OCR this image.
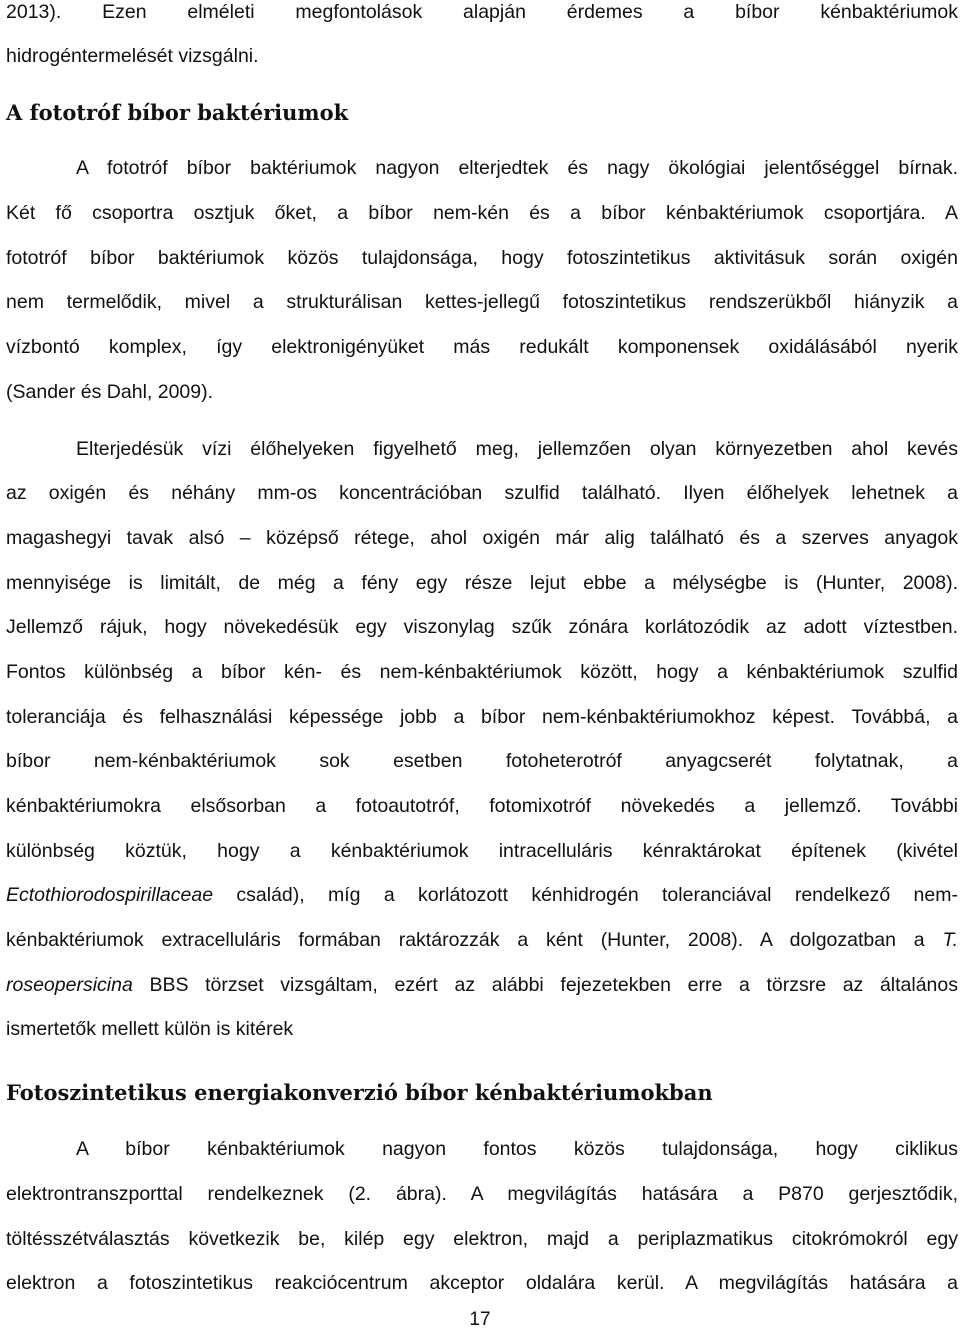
2013). Ezen elméleti megfontolások alapján érdemes a bíbor kénbaktériumok
hidrogéntermelését vizsgálni.
A fototróf bíbor baktériumok
A fototróf bíbor baktériumok nagyon elterjedtek és nagy ökológiai jelentőséggel bírnak.
Két fő csoportra osztjuk őket, a bíbor nem-kén és a bíbor kénbaktériumok csoportjára. A
fototróf bíbor baktériumok közös tulajdonsága, hogy fotoszintetikus aktivitásuk során oxigén
nem termelődik, mivel a strukturálisan kettes-jellegű fotoszintetikus rendszerükből hiányzik a
vízbontó komplex, így elektronigényüket más redukált komponensek oxidálásából nyerik
(Sander és Dahl, 2009).
Elterjedésük vízi élőhelyeken figyelhető meg, jellemzően olyan környezetben ahol kevés
az oxigén és néhány mm-os koncentrációban szulfid található. Ilyen élőhelyek lehetnek a
magashegyi tavak alsó – középső rétege, ahol oxigén már alig található és a szerves anyagok
mennyisége is limitált, de még a fény egy része lejut ebbe a mélységbe is (Hunter, 2008).
Jellemző rájuk, hogy növekedésük egy viszonylag szűk zónára korlátozódik az adott víztestben.
Fontos különbség a bíbor kén- és nem-kénbaktériumok között, hogy a kénbaktériumok szulfid
toleranciája és felhasználási képessége jobb a bíbor nem-kénbaktériumokhoz képest. Továbbá, a
bíbor nem-kénbaktériumok sok esetben fotoheterotróf anyagcserét folytatnak, a
kénbaktériumokra elsősorban a fotoautotróf, fotomixotróf növekedés a jellemző. További
különbség köztük, hogy a kénbaktériumok intracelluláris kénraktárokat építenek (kivétel
Ectothiorodospirillaceae család), míg a korlátozott kénhidrogén toleranciával rendelkező nem-
kénbaktériumok extracelluláris formában raktározzák a ként (Hunter, 2008). A dolgozatban a T.
roseopersicina BBS törzset vizsgáltam, ezért az alábbi fejezetekben erre a törzsre az általános
ismertetők mellett külön is kitérek
Fotoszintetikus energiakonverzió bíbor kénbaktériumokban
A bíbor kénbaktériumok nagyon fontos közös tulajdonsága, hogy ciklikus
elektrontranszporttal rendelkeznek (2. ábra). A megvilágítás hatására a P870 gerjesztődik,
töltésszétválasztás következik be, kilép egy elektron, majd a periplazmatikus citokrómokról egy
elektron a fotoszintetikus reakciócentrum akceptor oldalára kerül. A megvilágítás hatására a
17
